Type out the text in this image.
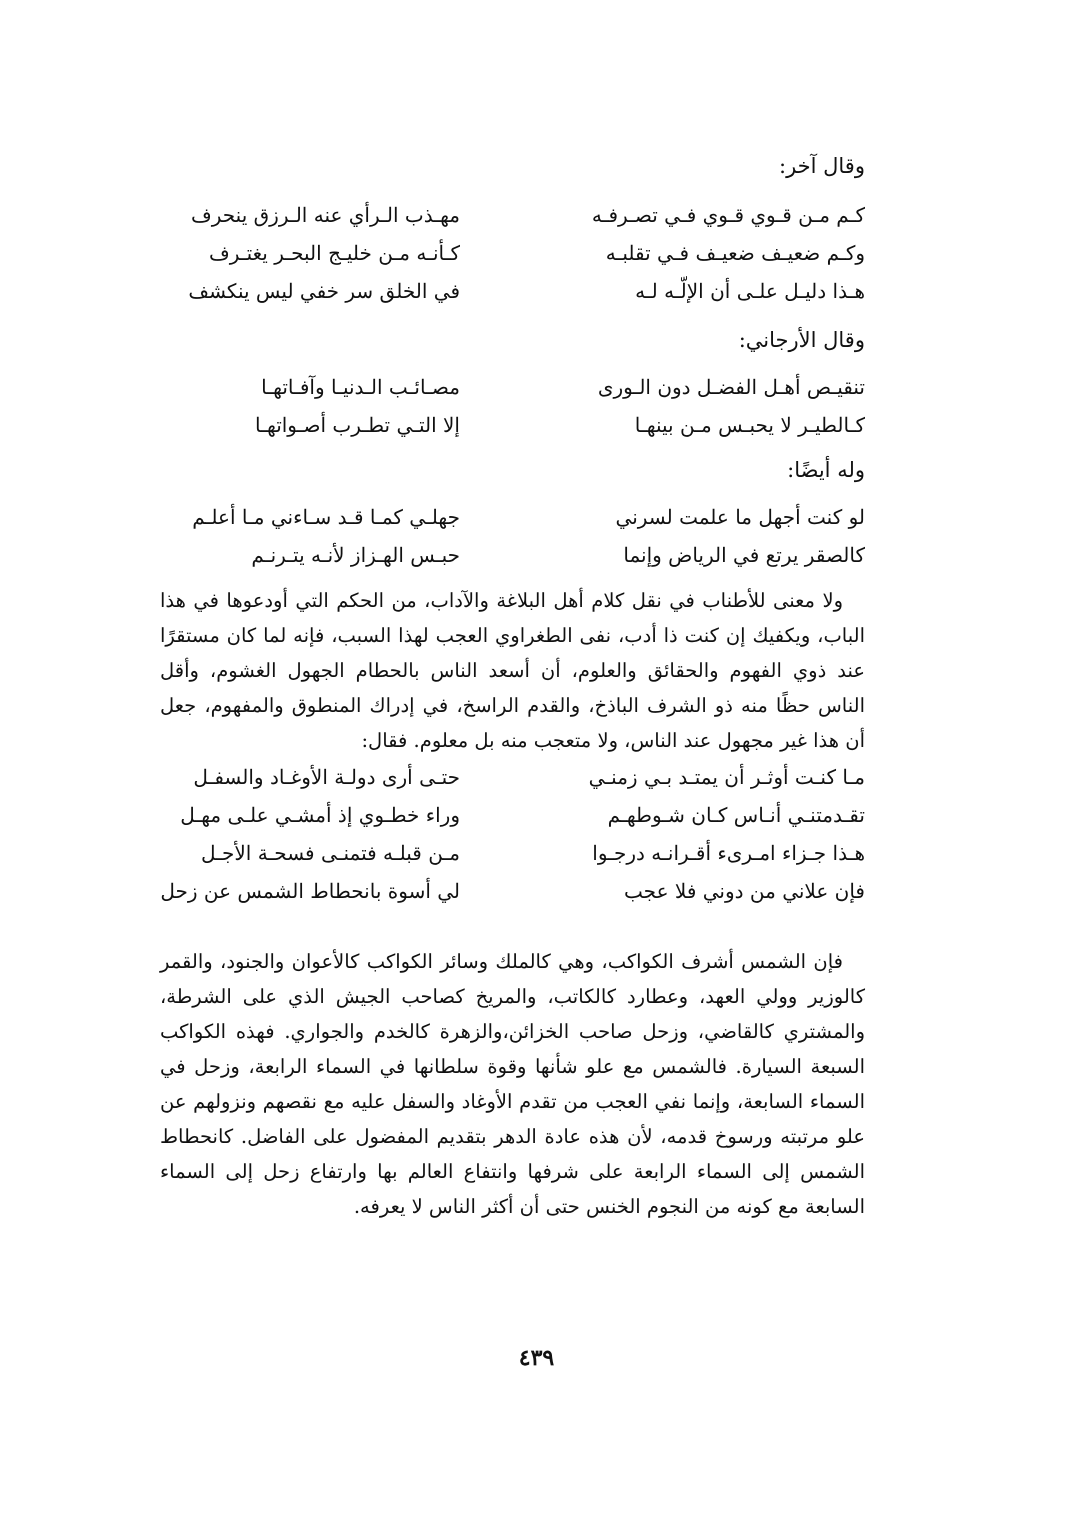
وقال آخر:
كـم مـن قـوي قـوي فـي تصـرفـه
مهـذب الـرأي عنه الـرزق ينحرف
وكـم ضعيـف ضعيـف فـي تقلبـه
كـأنـه مـن خليـج البحـر يغتـرف
هـذا دليـل علـى أن الإلّـه لـه
في الخلق سر خفي ليس ينكشف
وقال الأرجاني:
تنقيـص أهـل الفضـل دون الـورى
مصـائـب الـدنيـا وآفـاتهـا
كـالطيـر لا يحبـس مـن بينهـا
إلا التـي تطـرب أصـواتهـا
وله أيضًا:
لو كنت أجهل ما علمت لسرني
جهلـي كمـا قـد سـاءني مـا أعلـم
كالصقر يرتع في الرياض وإنما
حبـس الهـزاز لأنـه يتـرنـم
ولا معنى للأطناب في نقل كلام أهل البلاغة والآداب، من الحكم التي أودعوها في هذا الباب، ويكفيك إن كنت ذا أدب، نفى الطغراوي العجب لهذا السبب، فإنه لما كان مستقرًا عند ذوي الفهوم والحقائق والعلوم، أن أسعد الناس بالحطام الجهول الغشوم، وأقل الناس حظًا منه ذو الشرف الباذخ، والقدم الراسخ، في إدراك المنطوق والمفهوم، جعل أن هذا غير مجهول عند الناس، ولا متعجب منه بل معلوم. فقال:
مـا كنـت أوثـر أن يمتـد بـي زمنـي
حتـى أرى دولـة الأوغـاد والسفـل
تقـدمتنـي أنـاس كـان شـوطهـم
وراء خطـوي إذ أمشـي علـى مهـل
هـذا جـزاء امـرىء أقـرانـه درجـوا
مـن قبلـه فتمنـى فسحـة الأجـل
فإن علاني من دوني فلا عجب
لي أسوة بانحطاط الشمس عن زحل
فإن الشمس أشرف الكواكب، وهي كالملك وسائر الكواكب كالأعوان والجنود، والقمر كالوزير وولي العهد، وعطارد كالكاتب، والمريخ كصاحب الجيش الذي على الشرطة، والمشتري كالقاضي، وزحل صاحب الخزائن،والزهرة كالخدم والجواري. فهذه الكواكب السبعة السيارة. فالشمس مع علو شأنها وقوة سلطانها في السماء الرابعة، وزحل في السماء السابعة، وإنما نفي العجب من تقدم الأوغاد والسفل عليه مع نقصهم ونزولهم عن علو مرتبته ورسوخ قدمه، لأن هذه عادة الدهر بتقديم المفضول على الفاضل. كانحطاط الشمس إلى السماء الرابعة على شرفها وانتفاع العالم بها وارتفاع زحل إلى السماء السابعة مع كونه من النجوم الخنس حتى أن أكثر الناس لا يعرفه.
٤٣٩
